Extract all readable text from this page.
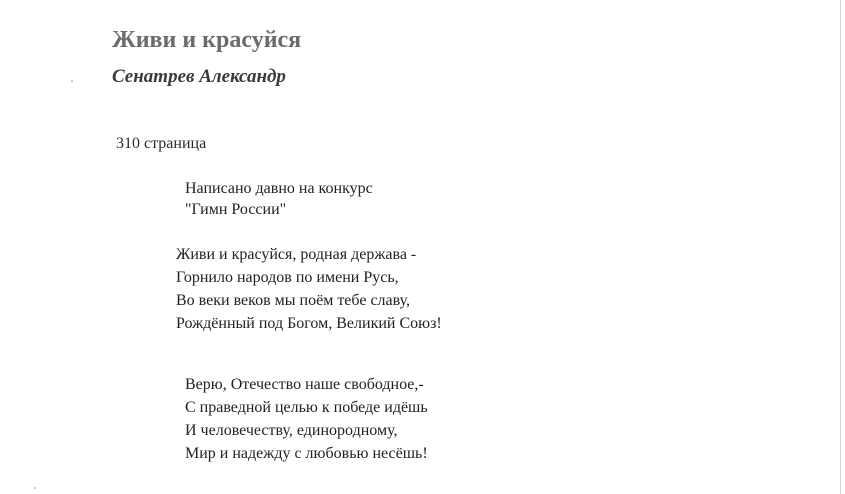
Живи и красуйся
Сенатрев Александр
310 страница
Написано давно на конкурс
"Гимн России"
Живи и красуйся, родная держава -
Горнило народов по имени Русь,
Во веки веков мы поём тебе славу,
Рождённый под Богом, Великий Союз!
Верю, Отечество наше свободное,-
С праведной целью к победе идёшь
И человечеству, единородному,
Мир и надежду с любовью несёшь!
